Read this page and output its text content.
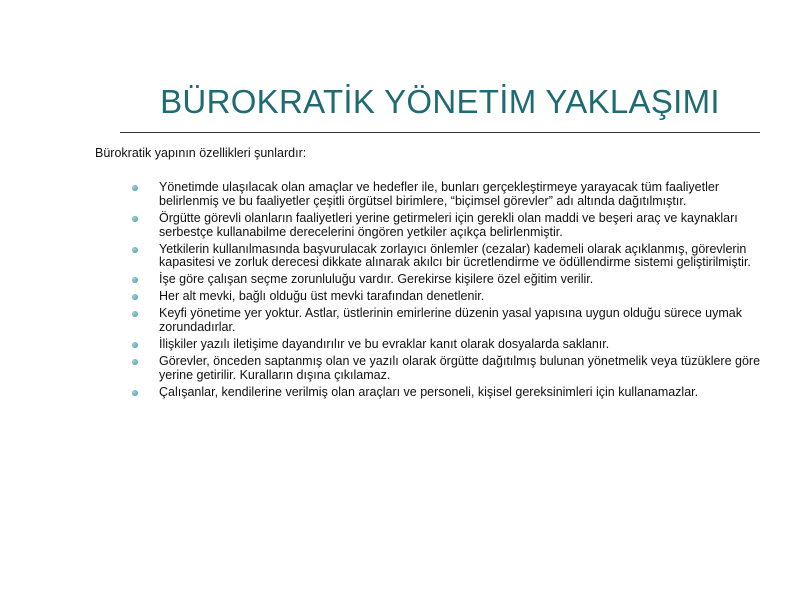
BÜROKRATİK YÖNETİM YAKLAŞIMI
Bürokratik yapının özellikleri şunlardır:
Yönetimde ulaşılacak olan amaçlar ve hedefler ile, bunları gerçekleştirmeye yarayacak tüm faaliyetler belirlenmiş ve bu faaliyetler çeşitli örgütsel birimlere, “biçimsel görevler” adı altında dağıtılmıştır.
Örgütte görevli olanların faaliyetleri yerine getirmeleri için gerekli olan maddi ve beşeri araç ve kaynakları serbestçe kullanabilme derecelerini öngören yetkiler açıkça belirlenmiştir.
Yetkilerin kullanılmasında başvurulacak zorlayıcı önlemler (cezalar) kademeli olarak açıklanmış, görevlerin kapasitesi ve zorluk derecesi dikkate alınarak akılcı bir ücretlendirme ve ödüllendirme sistemi geliştirilmiştir.
İşe göre çalışan seçme zorunluluğu vardır. Gerekirse kişilere özel eğitim verilir.
Her alt mevki, bağlı olduğu üst mevki tarafından denetlenir.
Keyfi yönetime yer yoktur. Astlar, üstlerinin emirlerine düzenin yasal yapısına uygun olduğu sürece uymak zorundadırlar.
İlişkiler yazılı iletişime dayandırılır ve bu evraklar kanıt olarak dosyalarda saklanır.
Görevler, önceden saptanmış olan ve yazılı olarak örgütte dağıtılmış bulunan yönetmelik veya tüzüklere göre yerine getirilir. Kuralların dışına çıkılamaz.
Çalışanlar, kendilerine verilmiş olan araçları ve personeli, kişisel gereksinimleri için kullanamazlar.
